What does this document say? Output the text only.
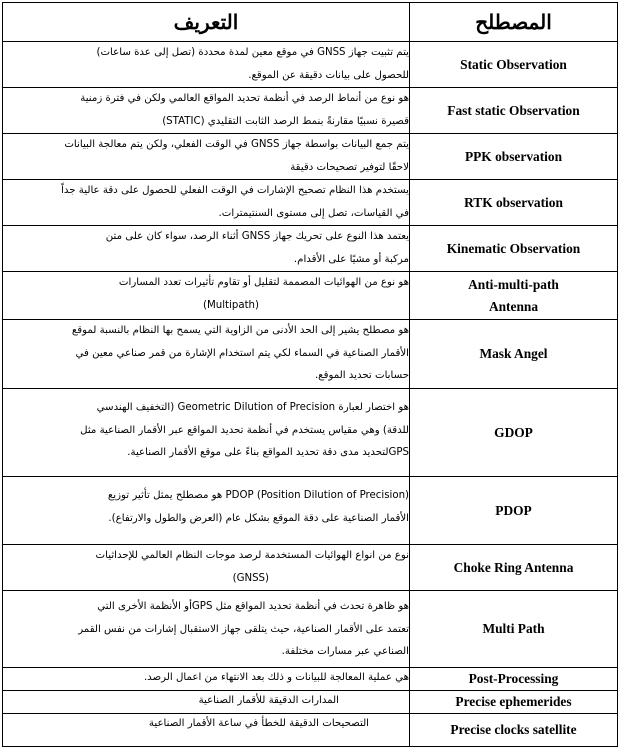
التعريف	المصطلح

يتم تثبيت جهاز GNSS في موقع معين لمدة محددة (تصل إلى عدة ساعات)
للحصول على بيانات دقيقة عن الموقع.	Static Observation

هو نوع من أنماط الرصد في أنظمة تحديد المواقع العالمي ولكن في فترة زمنية
قصيرة نسبيًا مقارنةً بنمط الرصد الثابت التقليدي (STATIC)	Fast static Observation

يتم جمع البيانات بواسطة جهاز GNSS في الوقت الفعلي، ولكن يتم معالجة البيانات
لاحقًا لتوفير تصحيحات دقيقة	PPK observation

يستخدم هذا النظام تصحيح الإشارات في الوقت الفعلي للحصول على دقة عالية جداً
في القياسات، تصل إلى مستوى السنتيمترات.	RTK observation

يعتمد هذا النوع على تحريك جهاز GNSS أثناء الرصد، سواء كان على متن
مركبة أو مشيًا على الأقدام.	Kinematic Observation

هو نوع من الهوائيات المصممة لتقليل أو تقاوم تأثيرات تعدد المسارات
(Multipath)	Anti-multi-path
Antenna

هو مصطلح يشير إلى الحد الأدنى من الزاوية التي يسمح بها النظام بالنسبة لموقع
الأقمار الصناعية في السماء لكي يتم استخدام الإشارة من قمر صناعي معين في
حسابات تحديد الموقع.	Mask Angel

هو اختصار لعبارة Geometric Dilution of Precision (التخفيف الهندسي
للدقة) وهي مقياس يستخدم في أنظمة تحديد المواقع عبر الأقمار الصناعية مثل
GPSلتحديد مدى دقة تحديد المواقع بناءً على موقع الأقمار الصناعية.	GDOP

PDOP (Position Dilution of Precision) هو مصطلح يمثل تأثير توزيع
الأقمار الصناعية على دقة الموقع بشكل عام (العرض والطول والارتفاع).	PDOP

نوع من انواع الهوائيات المستخدمة لرصد موجات النظام العالمي للإحداثيات
(GNSS)	Choke Ring Antenna

هو ظاهرة تحدث في أنظمة تحديد المواقع مثل GPSأو الأنظمة الأخرى التي
تعتمد على الأقمار الصناعية، حيث يتلقى جهاز الاستقبال إشارات من نفس القمر
الصناعي عبر مسارات مختلفة.	Multi Path

هي عملية المعالجة للبيانات و ذلك بعد الانتهاء من اعمال الرصد.	Post-Processing

المدارات الدقيقة للأقمار الصناعية	Precise ephemerides

التصحيحات الدقيقة للخطأ في ساعة الأقمار الصناعية	Precise clocks satellite
